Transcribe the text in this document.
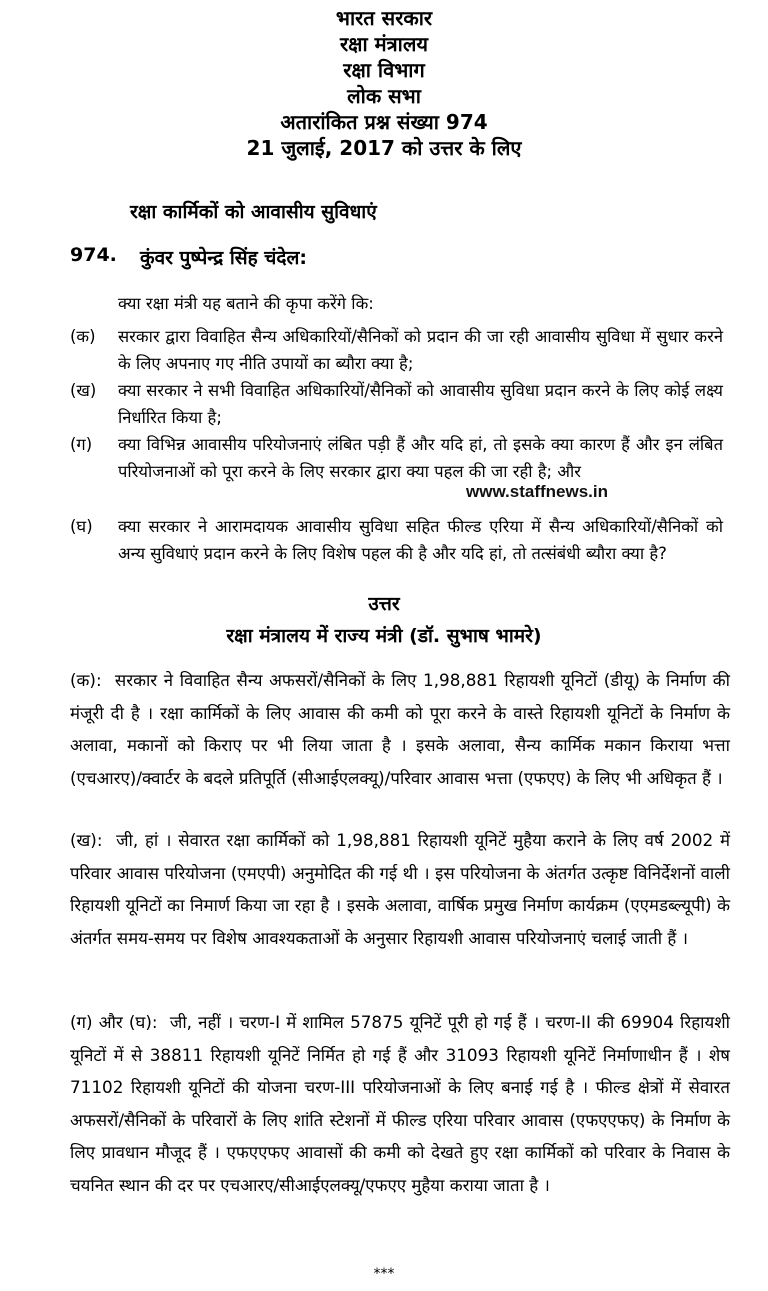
भारत सरकार
रक्षा मंत्रालय
रक्षा विभाग
लोक सभा
अतारांकित प्रश्न संख्या 974
21 जुलाई, 2017 को उत्तर के लिए
रक्षा कार्मिकों को आवासीय सुविधाएं
974. कुंवर पुष्पेन्द्र सिंह चंदेल:
क्या रक्षा मंत्री यह बताने की कृपा करेंगे कि:
(क) सरकार द्वारा विवाहित सैन्य अधिकारियों/सैनिकों को प्रदान की जा रही आवासीय सुविधा में सुधार करने के लिए अपनाए गए नीति उपायों का ब्यौरा क्या है;
(ख) क्या सरकार ने सभी विवाहित अधिकारियों/सैनिकों को आवासीय सुविधा प्रदान करने के लिए कोई लक्ष्य निर्धारित किया है;
(ग) क्या विभिन्न आवासीय परियोजनाएं लंबित पड़ी हैं और यदि हां, तो इसके क्या कारण हैं और इन लंबित परियोजनाओं को पूरा करने के लिए सरकार द्वारा क्या पहल की जा रही है; और
www.staffnews.in
(घ) क्या सरकार ने आरामदायक आवासीय सुविधा सहित फील्ड एरिया में सैन्य अधिकारियों/सैनिकों को अन्य सुविधाएं प्रदान करने के लिए विशेष पहल की है और यदि हां, तो तत्संबंधी ब्यौरा क्या है?
उत्तर
रक्षा मंत्रालय में राज्य मंत्री (डॉ. सुभाष भामरे)
(क): सरकार ने विवाहित सैन्य अफसरों/सैनिकों के लिए 1,98,881 रिहायशी यूनिटों (डीयू) के निर्माण की मंजूरी दी है । रक्षा कार्मिकों के लिए आवास की कमी को पूरा करने के वास्ते रिहायशी यूनिटों के निर्माण के अलावा, मकानों को किराए पर भी लिया जाता है । इसके अलावा, सैन्य कार्मिक मकान किराया भत्ता (एचआरए)/क्वार्टर के बदले प्रतिपूर्ति (सीआईएलक्यू)/परिवार आवास भत्ता (एफएए) के लिए भी अधिकृत हैं ।
(ख): जी, हां । सेवारत रक्षा कार्मिकों को 1,98,881 रिहायशी यूनिटें मुहैया कराने के लिए वर्ष 2002 में परिवार आवास परियोजना (एमएपी) अनुमोदित की गई थी । इस परियोजना के अंतर्गत उत्कृष्ट विनिर्देशनों वाली रिहायशी यूनिटों का निमार्ण किया जा रहा है । इसके अलावा, वार्षिक प्रमुख निर्माण कार्यक्रम (एएमडब्ल्यूपी) के अंतर्गत समय-समय पर विशेष आवश्यकताओं के अनुसार रिहायशी आवास परियोजनाएं चलाई जाती हैं ।
(ग) और (घ): जी, नहीं । चरण-I में शामिल 57875 यूनिटें पूरी हो गई हैं । चरण-II की 69904 रिहायशी यूनिटों में से 38811 रिहायशी यूनिटें निर्मित हो गई हैं और 31093 रिहायशी यूनिटें निर्माणाधीन हैं । शेष 71102 रिहायशी यूनिटों की योजना चरण-III परियोजनाओं के लिए बनाई गई है । फील्ड क्षेत्रों में सेवारत अफसरों/सैनिकों के परिवारों के लिए शांति स्टेशनों में फील्ड एरिया परिवार आवास (एफएएफए) के निर्माण के लिए प्रावधान मौजूद हैं । एफएएफए आवासों की कमी को देखते हुए रक्षा कार्मिकों को परिवार के निवास के चयनित स्थान की दर पर एचआरए/सीआईएलक्यू/एफएए मुहैया कराया जाता है ।
***
